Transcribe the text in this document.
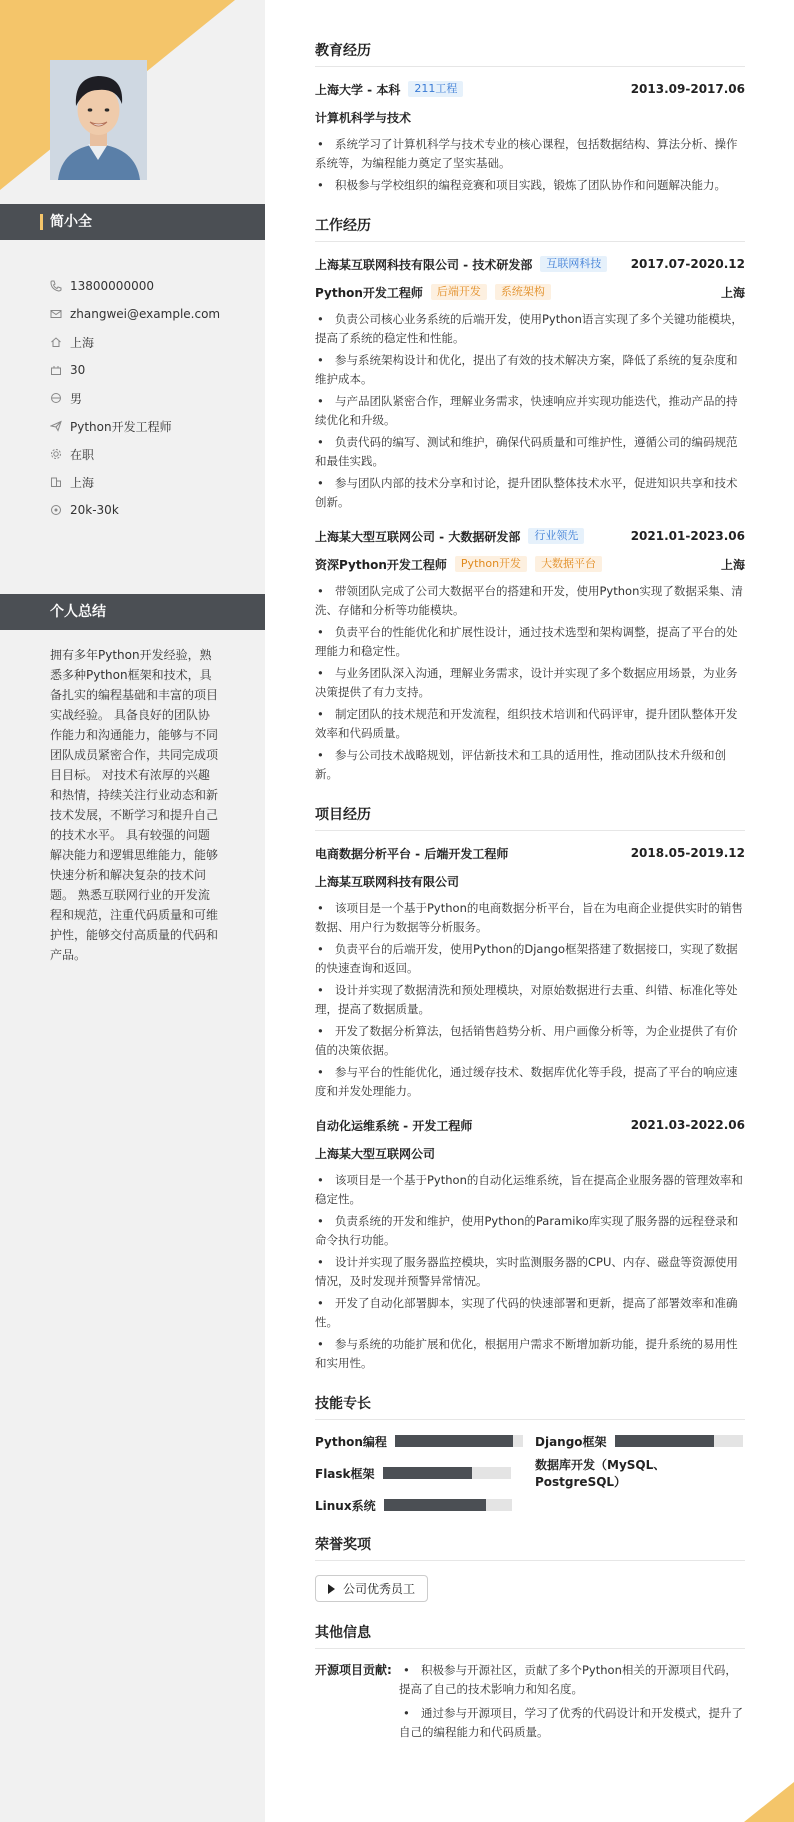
简小全
13800000000
zhangwei@example.com
上海
30
男
Python开发工程师
在职
上海
20k-30k
个人总结
拥有多年Python开发经验，熟悉多种Python框架和技术，具备扎实的编程基础和丰富的项目实战经验。 具备良好的团队协作能力和沟通能力，能够与不同团队成员紧密合作，共同完成项目目标。 对技术有浓厚的兴趣和热情，持续关注行业动态和新技术发展，不断学习和提升自己的技术水平。 具有较强的问题解决能力和逻辑思维能力，能够快速分析和解决复杂的技术问题。 熟悉互联网行业的开发流程和规范，注重代码质量和可维护性，能够交付高质量的代码和产品。
教育经历
上海大学 - 本科	211工程	2013.09-2017.06
计算机科学与技术
• 系统学习了计算机科学与技术专业的核心课程，包括数据结构、算法分析、操作系统等，为编程能力奠定了坚实基础。
• 积极参与学校组织的编程竞赛和项目实践，锻炼了团队协作和问题解决能力。
工作经历
上海某互联网科技有限公司 - 技术研发部	互联网科技	2017.07-2020.12
Python开发工程师	后端开发	系统架构	上海
• 负责公司核心业务系统的后端开发，使用Python语言实现了多个关键功能模块，提高了系统的稳定性和性能。
• 参与系统架构设计和优化，提出了有效的技术解决方案，降低了系统的复杂度和维护成本。
• 与产品团队紧密合作，理解业务需求，快速响应并实现功能迭代，推动产品的持续优化和升级。
• 负责代码的编写、测试和维护，确保代码质量和可维护性，遵循公司的编码规范和最佳实践。
• 参与团队内部的技术分享和讨论，提升团队整体技术水平，促进知识共享和技术创新。
上海某大型互联网公司 - 大数据研发部	行业领先	2021.01-2023.06
资深Python开发工程师	Python开发	大数据平台	上海
• 带领团队完成了公司大数据平台的搭建和开发，使用Python实现了数据采集、清洗、存储和分析等功能模块。
• 负责平台的性能优化和扩展性设计，通过技术选型和架构调整，提高了平台的处理能力和稳定性。
• 与业务团队深入沟通，理解业务需求，设计并实现了多个数据应用场景，为业务决策提供了有力支持。
• 制定团队的技术规范和开发流程，组织技术培训和代码评审，提升团队整体开发效率和代码质量。
• 参与公司技术战略规划，评估新技术和工具的适用性，推动团队技术升级和创新。
项目经历
电商数据分析平台 - 后端开发工程师	2018.05-2019.12
上海某互联网科技有限公司
• 该项目是一个基于Python的电商数据分析平台，旨在为电商企业提供实时的销售数据、用户行为数据等分析服务。
• 负责平台的后端开发，使用Python的Django框架搭建了数据接口，实现了数据的快速查询和返回。
• 设计并实现了数据清洗和预处理模块，对原始数据进行去重、纠错、标准化等处理，提高了数据质量。
• 开发了数据分析算法，包括销售趋势分析、用户画像分析等，为企业提供了有价值的决策依据。
• 参与平台的性能优化，通过缓存技术、数据库优化等手段，提高了平台的响应速度和并发处理能力。
自动化运维系统 - 开发工程师	2021.03-2022.06
上海某大型互联网公司
• 该项目是一个基于Python的自动化运维系统，旨在提高企业服务器的管理效率和稳定性。
• 负责系统的开发和维护，使用Python的Paramiko库实现了服务器的远程登录和命令执行功能。
• 设计并实现了服务器监控模块，实时监测服务器的CPU、内存、磁盘等资源使用情况，及时发现并预警异常情况。
• 开发了自动化部署脚本，实现了代码的快速部署和更新，提高了部署效率和准确性。
• 参与系统的功能扩展和优化，根据用户需求不断增加新功能，提升系统的易用性和实用性。
技能专长
Python编程	Django框架
Flask框架
数据库开发（MySQL、PostgreSQL）
Linux系统
荣誉奖项
公司优秀员工
其他信息
开源项目贡献:
•	积极参与开源社区，贡献了多个Python相关的开源项目代码，提高了自己的技术影响力和知名度。
• 通过参与开源项目，学习了优秀的代码设计和开发模式，提升了自己的编程能力和代码质量。
